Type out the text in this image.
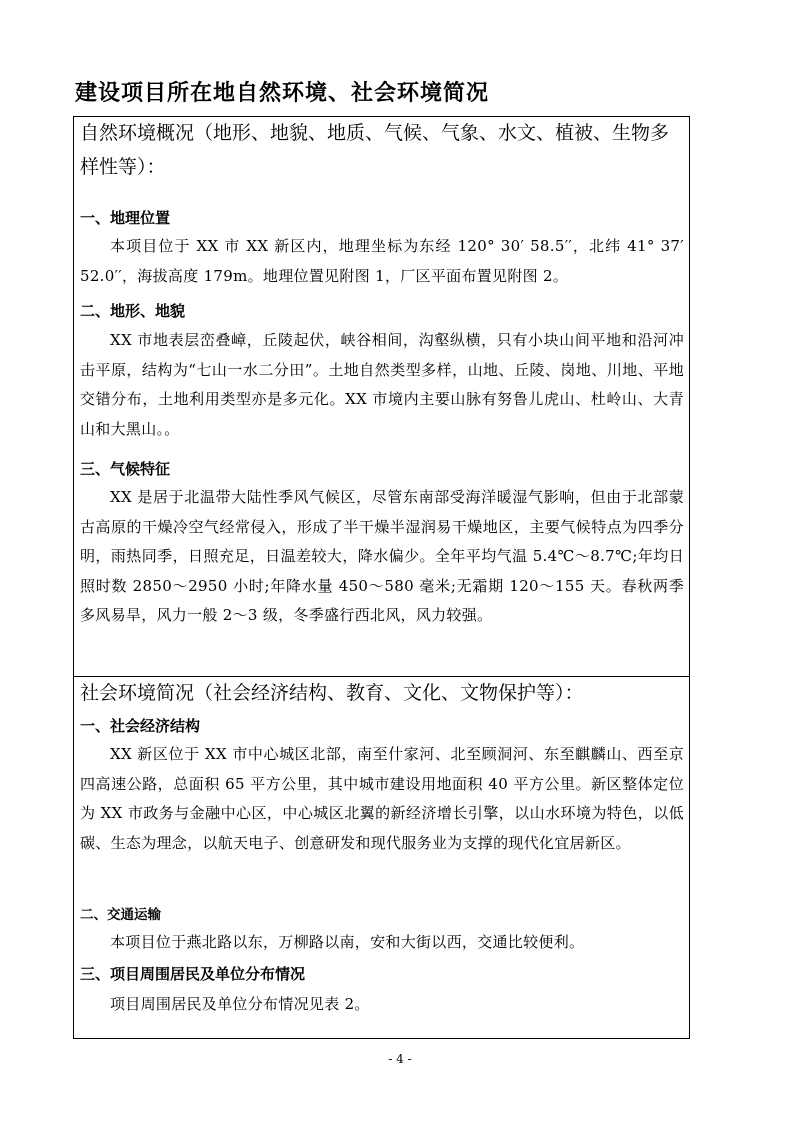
建设项目所在地自然环境、社会环境简况
自然环境概况（地形、地貌、地质、气候、气象、水文、植被、生物多样性等）：
一、地理位置
本项目位于 XX 市 XX 新区内，地理坐标为东经 120° 30′ 58.5′′，北纬 41° 37′ 52.0′′，海拔高度 179m。地理位置见附图 1，厂区平面布置见附图 2。
二、地形、地貌
XX 市地表层峦叠嶂，丘陵起伏，峡谷相间，沟壑纵横，只有小块山间平地和沿河冲击平原，结构为“七山一水二分田”。土地自然类型多样，山地、丘陵、岗地、川地、平地交错分布，土地利用类型亦是多元化。XX 市境内主要山脉有努鲁儿虎山、杜岭山、大青山和大黑山。。
三、气候特征
XX 是居于北温带大陆性季风气候区，尽管东南部受海洋暖湿气影响，但由于北部蒙古高原的干燥冷空气经常侵入，形成了半干燥半湿润易干燥地区，主要气候特点为四季分明，雨热同季，日照充足，日温差较大，降水偏少。全年平均气温 5.4℃～8.7℃;年均日照时数 2850～2950 小时;年降水量 450～580 毫米;无霜期 120～155 天。春秋两季多风易旱，风力一般 2～3 级，冬季盛行西北风，风力较强。
社会环境简况（社会经济结构、教育、文化、文物保护等）：
一、社会经济结构
XX 新区位于 XX 市中心城区北部，南至什家河、北至顾洞河、东至麒麟山、西至京四高速公路，总面积 65 平方公里，其中城市建设用地面积 40 平方公里。新区整体定位为 XX 市政务与金融中心区，中心城区北翼的新经济增长引擎，以山水环境为特色，以低碳、生态为理念，以航天电子、创意研发和现代服务业为支撑的现代化宜居新区。
二、交通运输
本项目位于燕北路以东，万柳路以南，安和大街以西，交通比较便利。
三、项目周围居民及单位分布情况
项目周围居民及单位分布情况见表 2。
- 4 -
